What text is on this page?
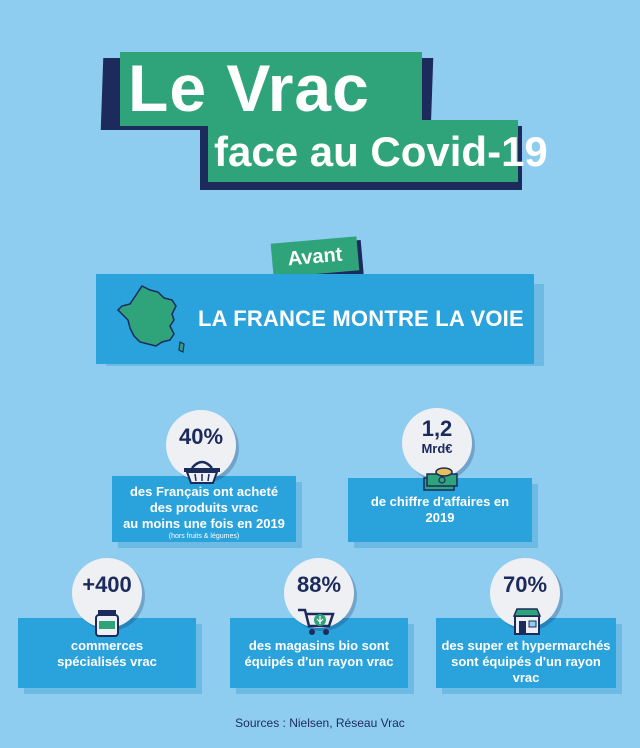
Le Vrac
face au Covid-19
Avant
LA FRANCE MONTRE LA VOIE
des Français ont acheté
des produits vrac
au moins une fois en 2019
(hors fruits & légumes)
40%
de chiffre d'affaires en
2019
1,2
Mrd€
commerces
spécialisés vrac
+400
des magasins bio sont
équipés d'un rayon vrac
88%
des super et hypermarchés
sont équipés d'un rayon vrac
70%
Sources : Nielsen, Réseau Vrac
